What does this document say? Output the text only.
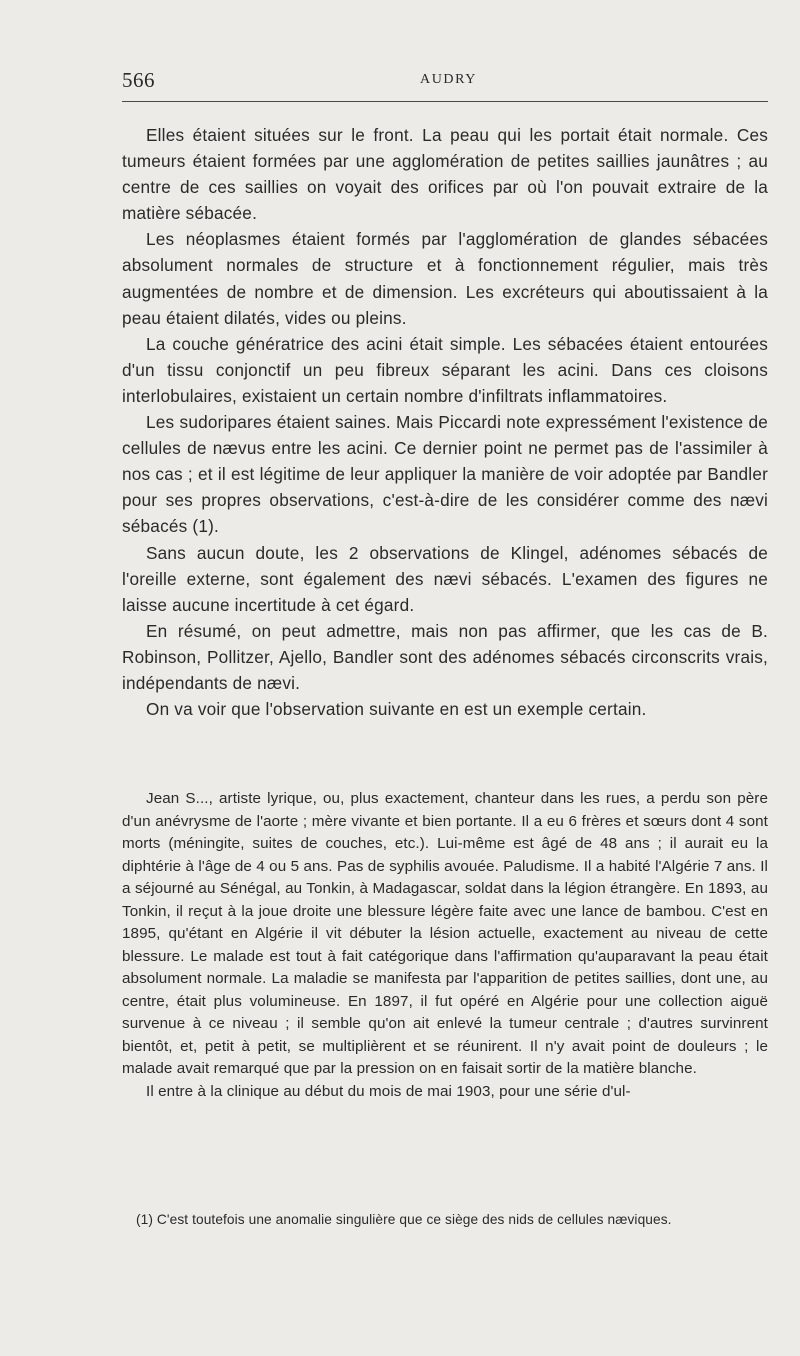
566	AUDRY

Elles étaient situées sur le front. La peau qui les portait était normale. Ces tumeurs étaient formées par une agglomération de petites saillies jaunâtres ; au centre de ces saillies on voyait des orifices par où l'on pouvait extraire de la matière sébacée.

Les néoplasmes étaient formés par l'agglomération de glandes sébacées absolument normales de structure et à fonctionnement régulier, mais très augmentées de nombre et de dimension. Les excréteurs qui aboutissaient à la peau étaient dilatés, vides ou pleins.

La couche génératrice des acini était simple. Les sébacées étaient entourées d'un tissu conjonctif un peu fibreux séparant les acini. Dans ces cloisons interlobulaires, existaient un certain nombre d'infiltrats inflammatoires.

Les sudoripares étaient saines. Mais Piccardi note expressément l'existence de cellules de nævus entre les acini. Ce dernier point ne permet pas de l'assimiler à nos cas ; et il est légitime de leur appliquer la manière de voir adoptée par Bandler pour ses propres observations, c'est-à-dire de les considérer comme des nævi sébacés (1).

Sans aucun doute, les 2 observations de Klingel, adénomes sébacés de l'oreille externe, sont également des nævi sébacés. L'examen des figures ne laisse aucune incertitude à cet égard.

En résumé, on peut admettre, mais non pas affirmer, que les cas de B. Robinson, Pollitzer, Ajello, Bandler sont des adénomes sébacés circonscrits vrais, indépendants de nævi.

On va voir que l'observation suivante en est un exemple certain.

Jean S..., artiste lyrique, ou, plus exactement, chanteur dans les rues, a perdu son père d'un anévrysme de l'aorte ; mère vivante et bien portante. Il a eu 6 frères et sœurs dont 4 sont morts (méningite, suites de couches, etc.). Lui-même est âgé de 48 ans ; il aurait eu la diphtérie à l'âge de 4 ou 5 ans. Pas de syphilis avouée. Paludisme. Il a habité l'Algérie 7 ans. Il a séjourné au Sénégal, au Tonkin, à Madagascar, soldat dans la légion étrangère. En 1893, au Tonkin, il reçut à la joue droite une blessure légère faite avec une lance de bambou. C'est en 1895, qu'étant en Algérie il vit débuter la lésion actuelle, exactement au niveau de cette blessure. Le malade est tout à fait catégorique dans l'affirmation qu'auparavant la peau était absolument normale. La maladie se manifesta par l'apparition de petites saillies, dont une, au centre, était plus volumineuse. En 1897, il fut opéré en Algérie pour une collection aiguë survenue à ce niveau ; il semble qu'on ait enlevé la tumeur centrale ; d'autres survinrent bientôt, et, petit à petit, se multiplièrent et se réunirent. Il n'y avait point de douleurs ; le malade avait remarqué que par la pression on en faisait sortir de la matière blanche.

Il entre à la clinique au début du mois de mai 1903, pour une série d'ul-

(1) C'est toutefois une anomalie singulière que ce siège des nids de cellules næviques.
